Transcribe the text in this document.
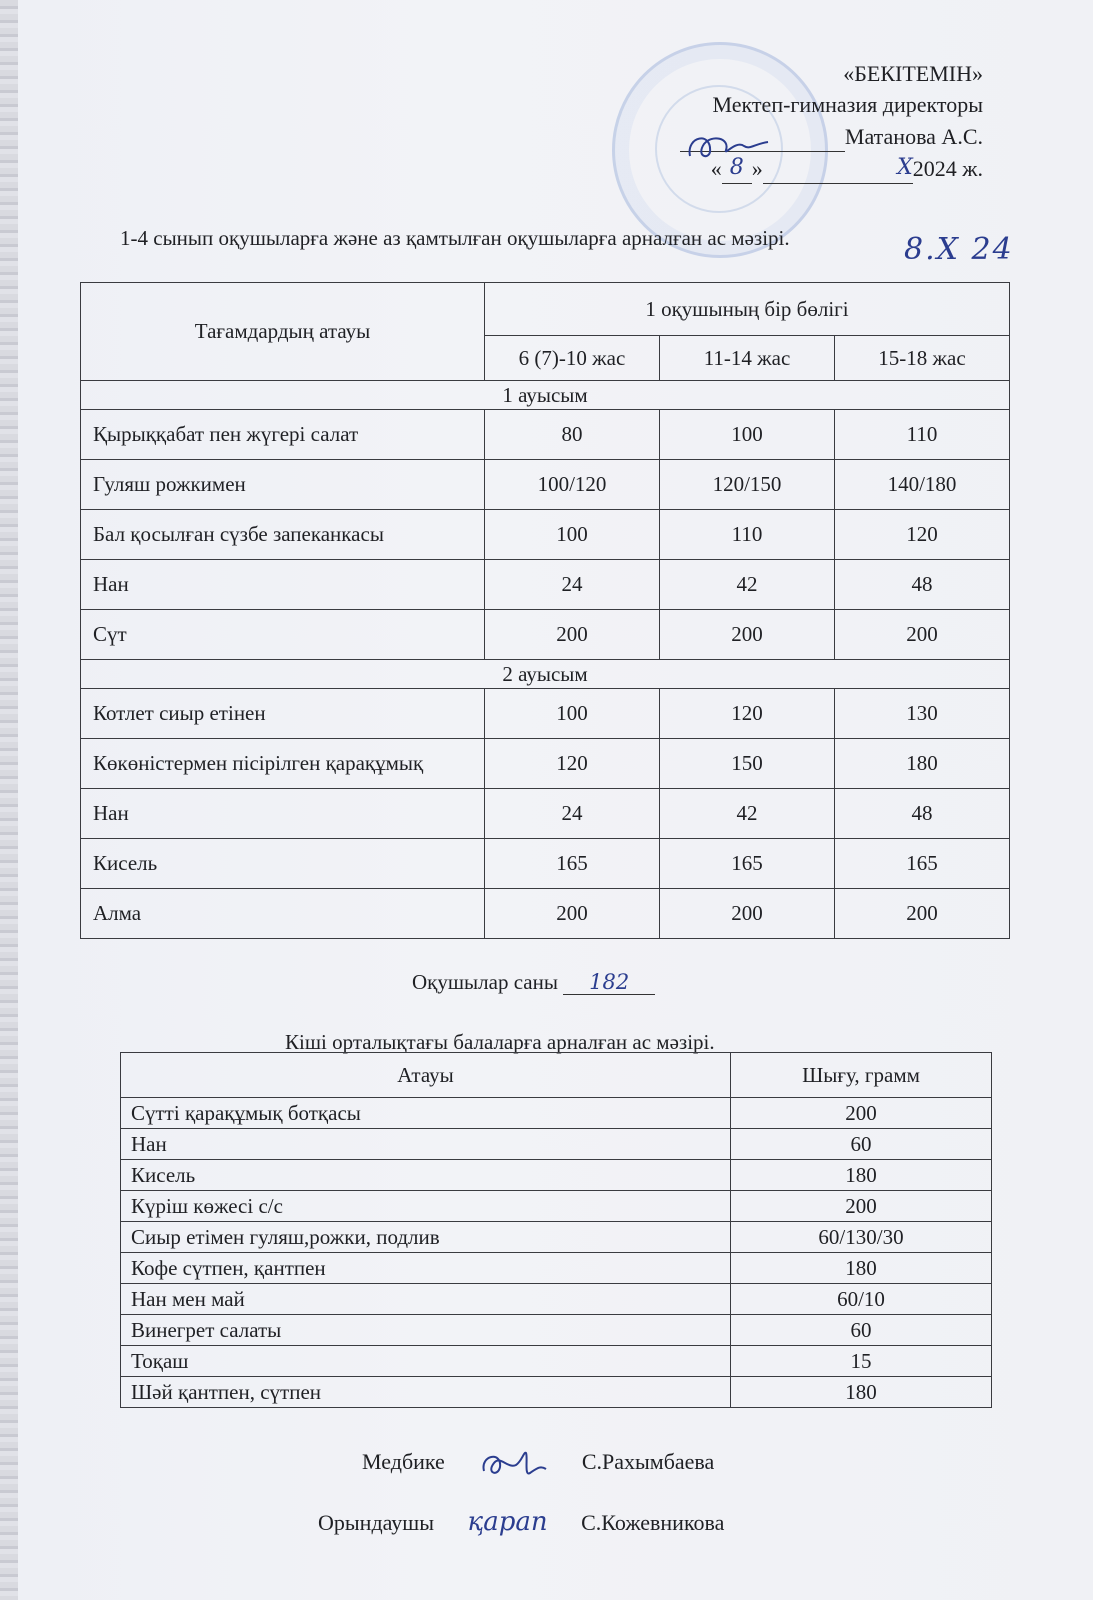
«БЕКІТЕМІН»
Мектеп-гимназия директоры
Матанова А.С.
« 8 »	X2024 ж.
1-4 сынып оқушыларға және аз қамтылған оқушыларға арналған ас мәзірі.	8.Х 24
Тағамдардың атауы	1 оқушының бір бөлігі		
	6 (7)-10 жас	11-14 жас	15-18 жас
1 ауысым			
Қырыққабат пен жүгері салат	80	100	110
Гуляш рожкимен	100/120	120/150	140/180
Бал қосылған сүзбе запеканкасы	100	110	120
Нан	24	42	48
Сүт	200	200	200
2 ауысым			
Котлет сиыр етінен	100	120	130
Көкөністермен пісірілген қарақұмық	120	150	180
Нан	24	42	48
Кисель	165	165	165
Алма	200	200	200
Оқушылар саны 182
Кіші орталықтағы балаларға арналған ас мәзірі.
Атауы	Шығу, грамм
Сүтті қарақұмық ботқасы	200
Нан	60
Кисель	180
Күріш көжесі с/с	200
Сиыр етімен гуляш,рожки, подлив	60/130/30
Кофе сүтпен, қантпен	180
Нан мен май	60/10
Винегрет салаты	60
Тоқаш	15
Шәй қантпен, сүтпен	180
Медбике	С.Рахымбаева
Орындаушы қарап С.Кожевникова
